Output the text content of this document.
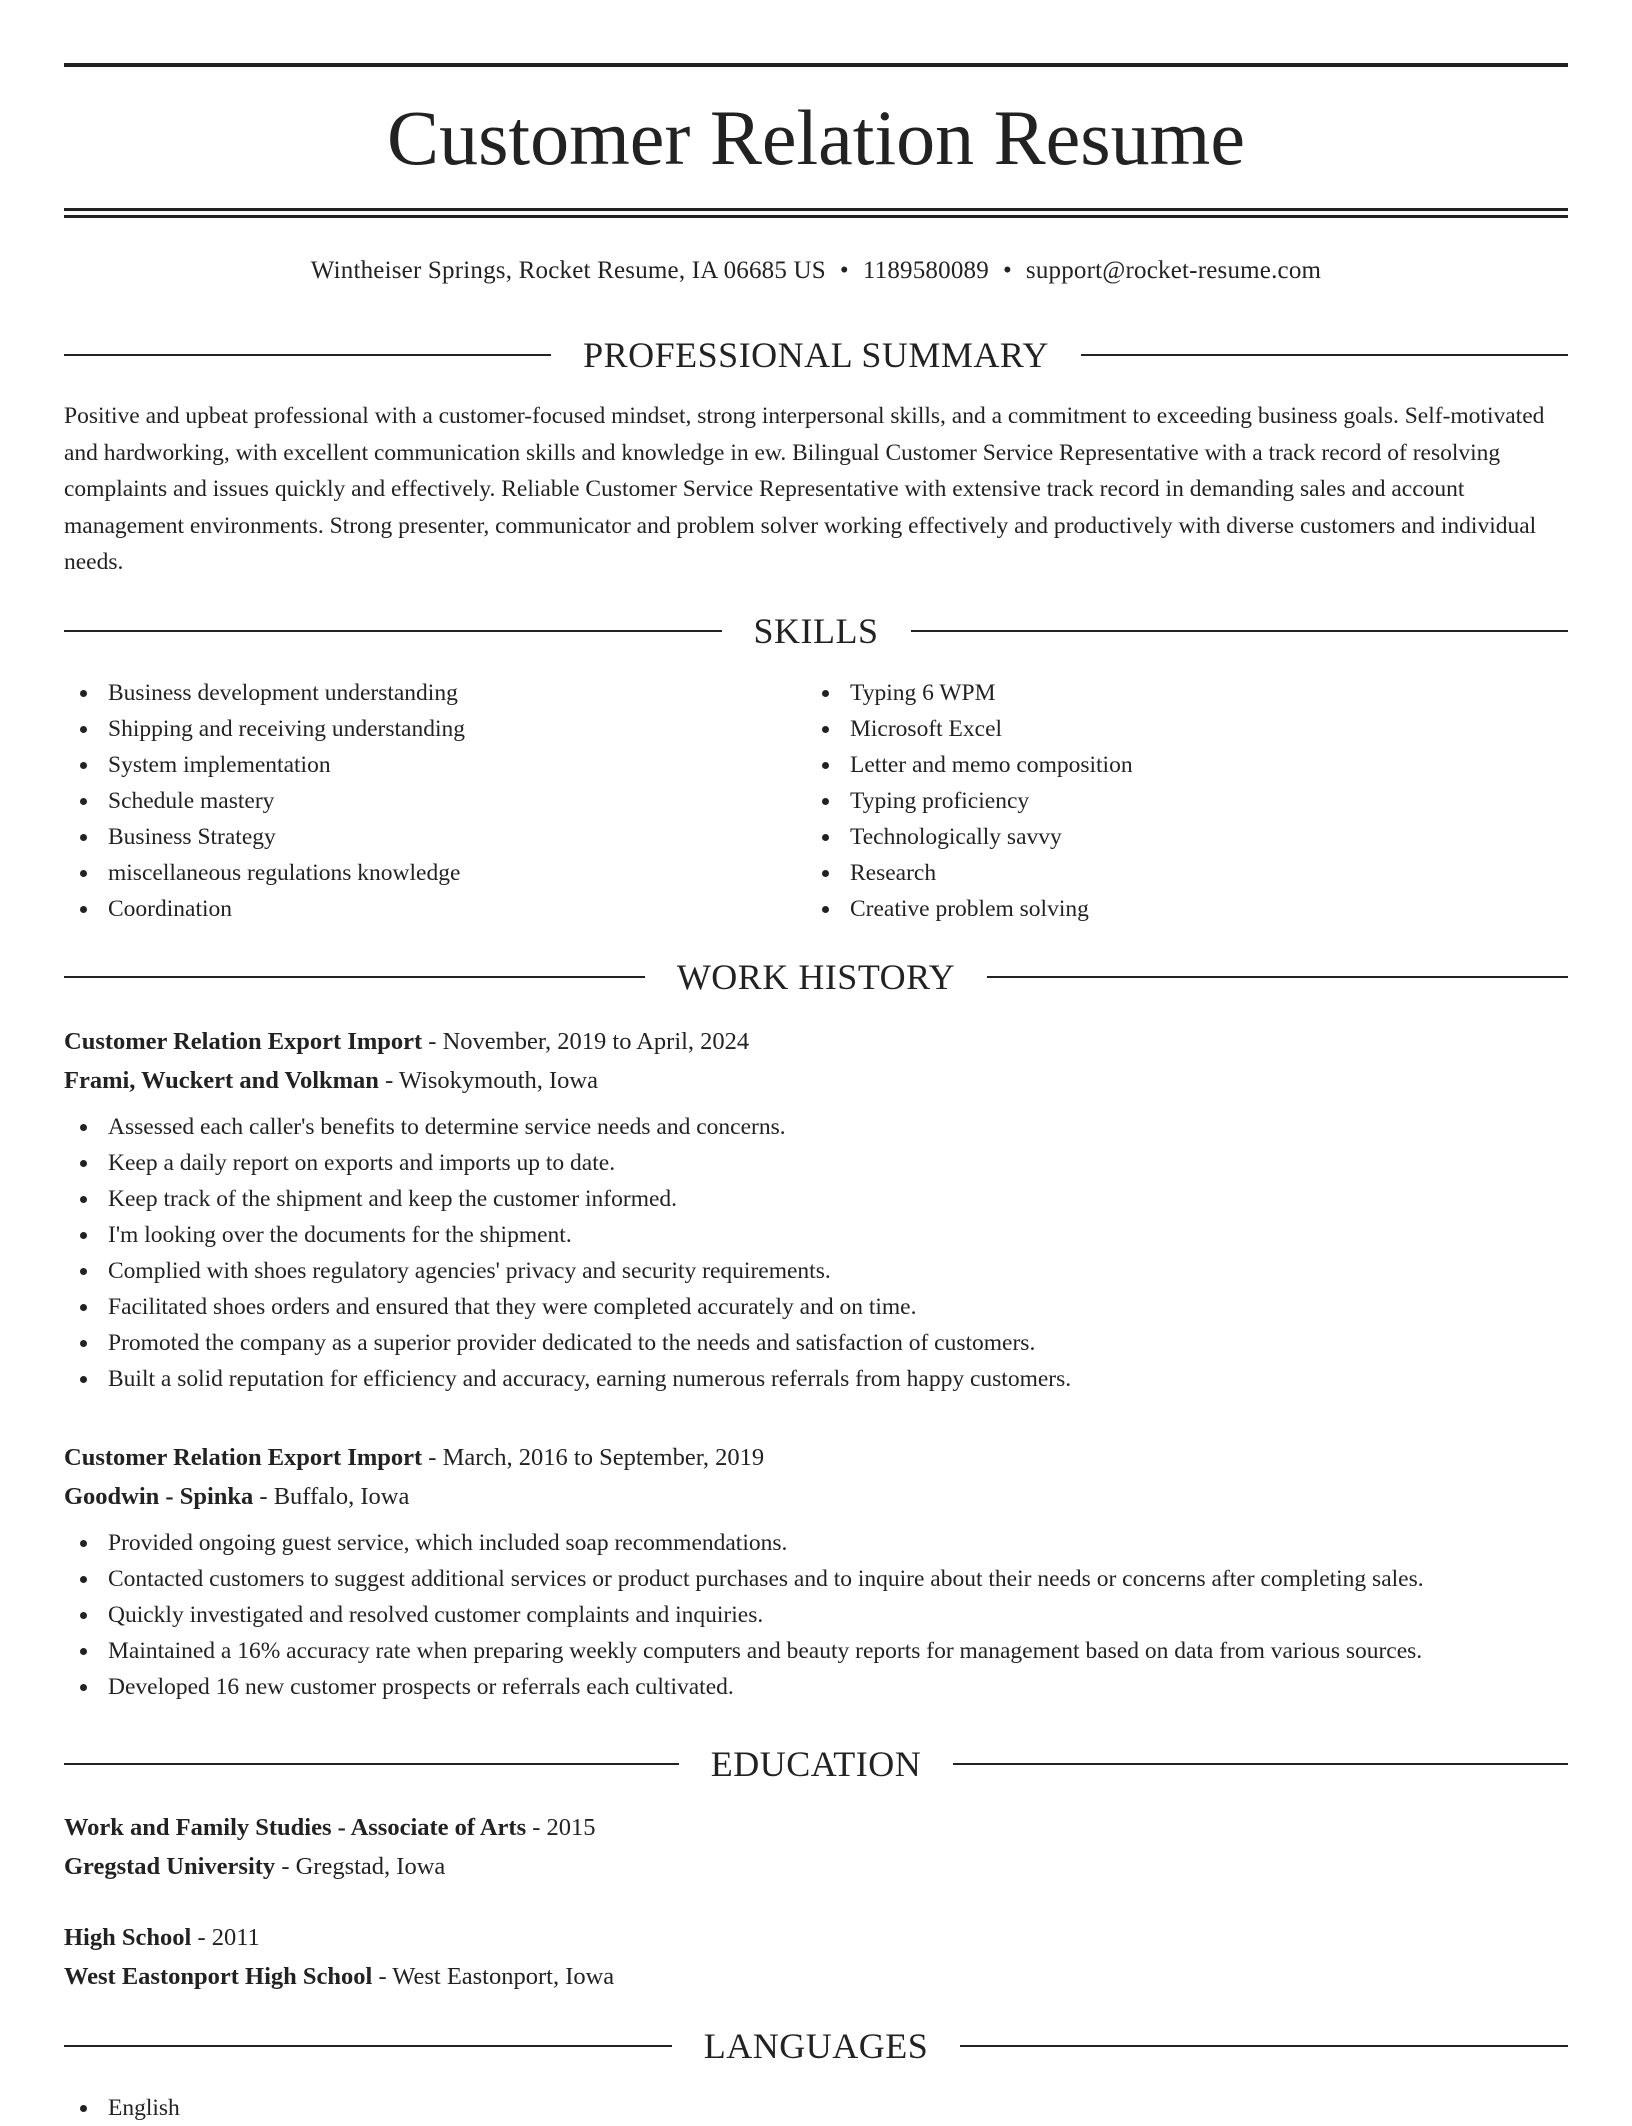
Customer Relation Resume
Wintheiser Springs, Rocket Resume, IA 06685 US • 1189580089 • support@rocket-resume.com
PROFESSIONAL SUMMARY

Positive and upbeat professional with a customer-focused mindset, strong interpersonal skills, and a commitment to exceeding business goals. Self-motivated and hardworking, with excellent communication skills and knowledge in ew. Bilingual Customer Service Representative with a track record of resolving complaints and issues quickly and effectively. Reliable Customer Service Representative with extensive track record in demanding sales and account management environments. Strong presenter, communicator and problem solver working effectively and productively with diverse customers and individual needs.

SKILLS
Business development understanding
Shipping and receiving understanding
System implementation
Schedule mastery
Business Strategy
miscellaneous regulations knowledge
Coordination
Typing 6 WPM
Microsoft Excel
Letter and memo composition
Typing proficiency
Technologically savvy
Research
Creative problem solving
WORK HISTORY
Customer Relation Export Import - November, 2019 to April, 2024
Frami, Wuckert and Volkman - Wisokymouth, Iowa
Assessed each caller's benefits to determine service needs and concerns.
Keep a daily report on exports and imports up to date.
Keep track of the shipment and keep the customer informed.
I'm looking over the documents for the shipment.
Complied with shoes regulatory agencies' privacy and security requirements.
Facilitated shoes orders and ensured that they were completed accurately and on time.
Promoted the company as a superior provider dedicated to the needs and satisfaction of customers.
Built a solid reputation for efficiency and accuracy, earning numerous referrals from happy customers.
Customer Relation Export Import - March, 2016 to September, 2019
Goodwin - Spinka - Buffalo, Iowa
Provided ongoing guest service, which included soap recommendations.
Contacted customers to suggest additional services or product purchases and to inquire about their needs or concerns after completing sales.
Quickly investigated and resolved customer complaints and inquiries.
Maintained a 16% accuracy rate when preparing weekly computers and beauty reports for management based on data from various sources.
Developed 16 new customer prospects or referrals each cultivated.
EDUCATION
Work and Family Studies - Associate of Arts - 2015
Gregstad University - Gregstad, Iowa
High School - 2011
West Eastonport High School - West Eastonport, Iowa
LANGUAGES
English
